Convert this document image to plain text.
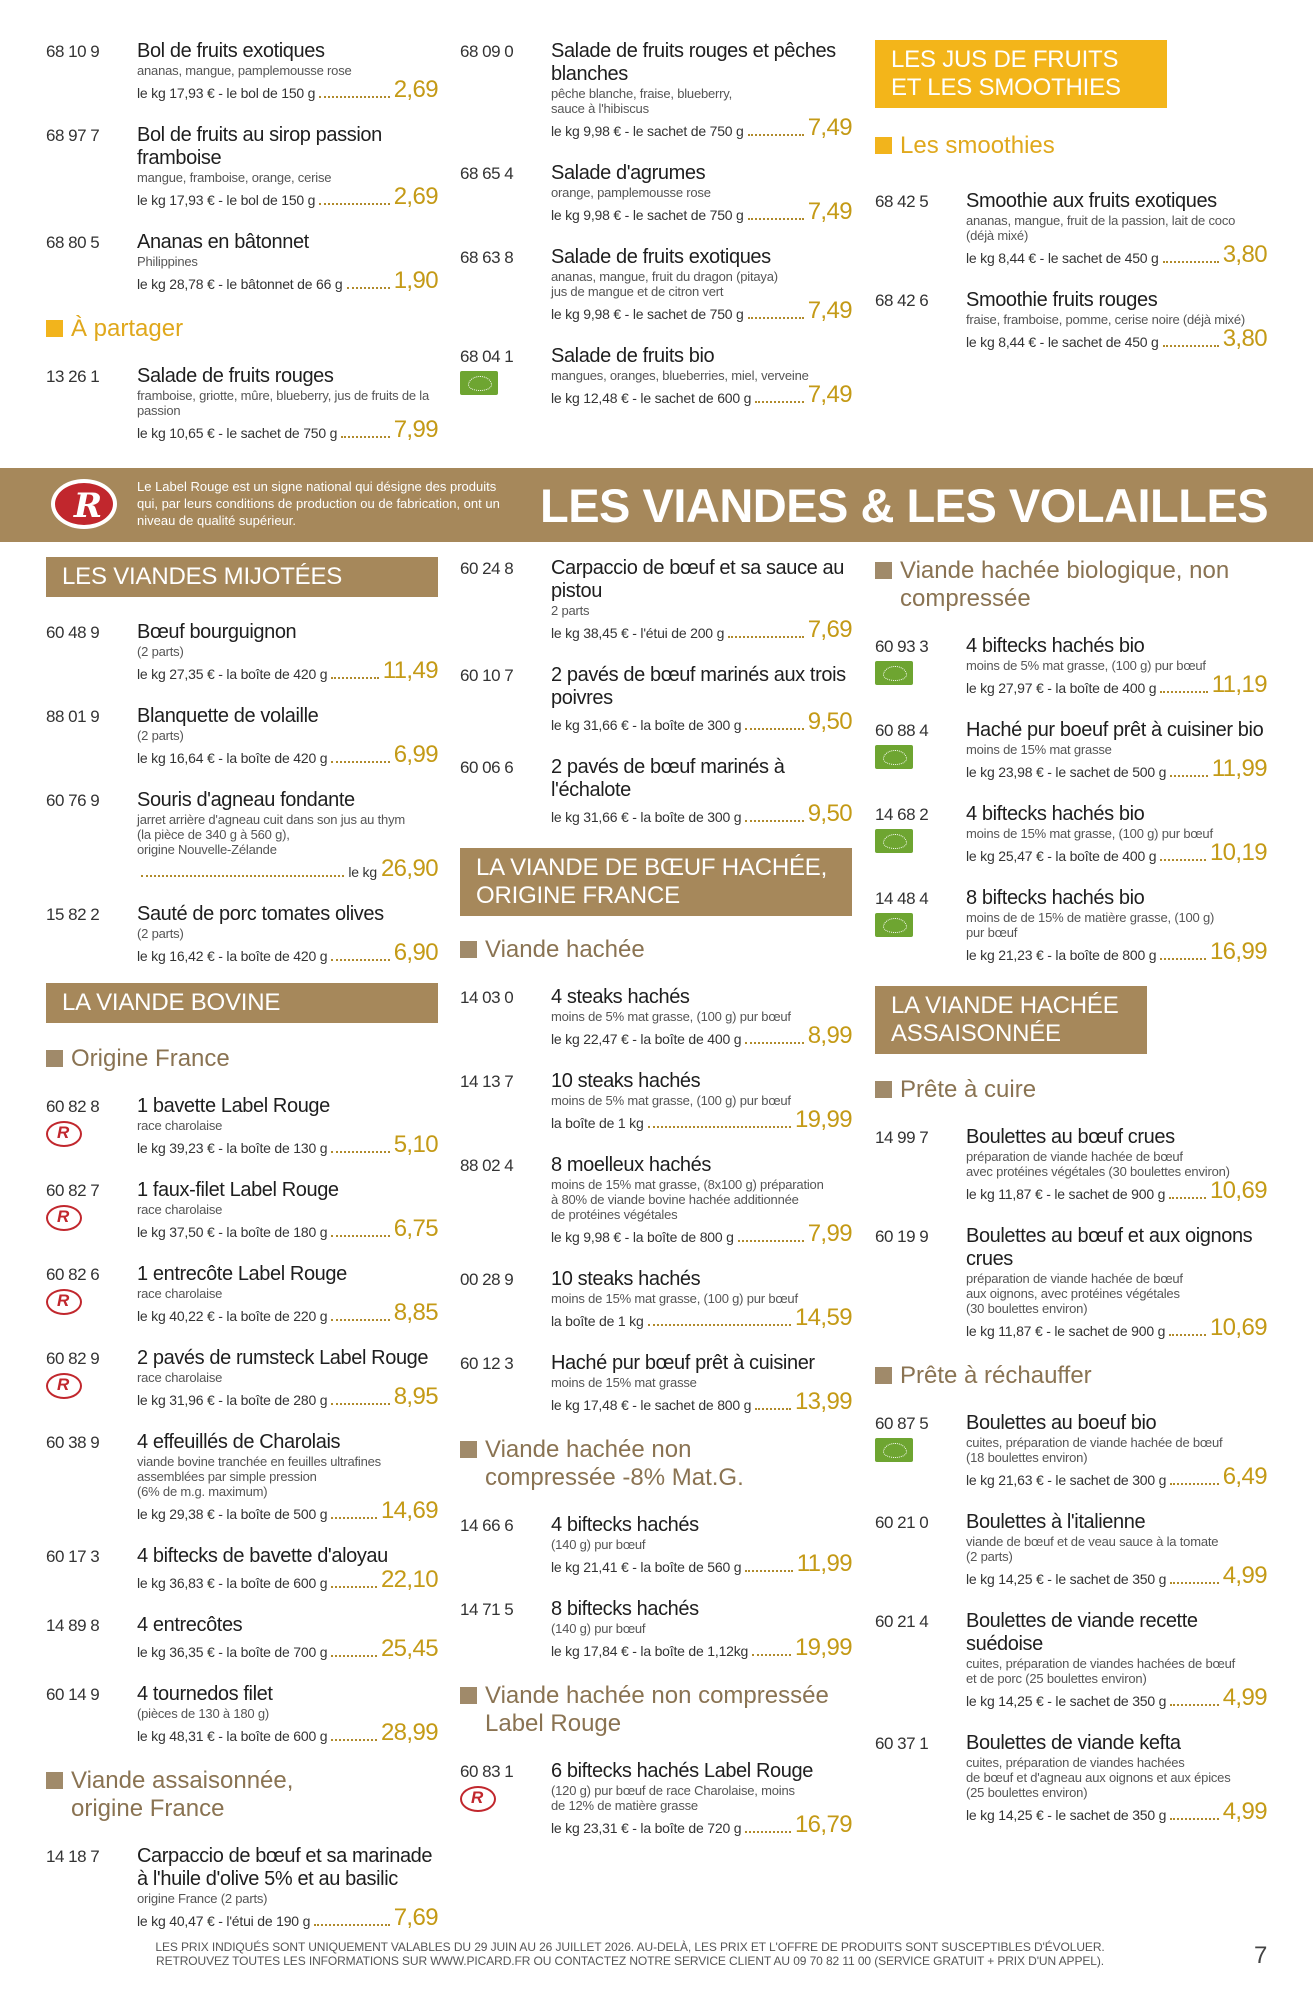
68 10 9 Bol de fruits exotiques
ananas, mangue, pamplemousse rose
le kg 17,93 € - le bol de 150 g	2,69
68 97 7 Bol de fruits au sirop passion framboise
mangue, framboise, orange, cerise
le kg 17,93 € - le bol de 150 g	2,69
68 80 5 Ananas en bâtonnet
Philippines
le kg 28,78 € - le bâtonnet de 66 g 1,90
À partager
13 26 1 Salade de fruits rouges
framboise, griotte, mûre, blueberry, jus de fruits de la passion
le kg 10,65 € - le sachet de 750 g 7,99
68 09 0 Salade de fruits rouges et pêches blanches
pêche blanche, fraise, blueberry,
sauce à l'hibiscus
le kg 9,98 € - le sachet de 750 g	7,49
68 65 4 Salade d'agrumes
orange, pamplemousse rose
le kg 9,98 € - le sachet de 750 g	7,49
68 63 8 Salade de fruits exotiques
ananas, mangue, fruit du dragon (pitaya)
jus de mangue et de citron vert
le kg 9,98 € - le sachet de 750 g	7,49
68 04 1 Salade de fruits bio
mangues, oranges, blueberries, miel, verveine
le kg 12,48 € - le sachet de 600 g 7,49
LES JUS DE FRUITS ET LES SMOOTHIES
Les smoothies
68 42 5 Smoothie aux fruits exotiques
ananas, mangue, fruit de la passion, lait de coco
(déjà mixé)
le kg 8,44 € - le sachet de 450 g	3,80
68 42 6 Smoothie fruits rouges
fraise, framboise, pomme, cerise noire (déjà mixé)
le kg 8,44 € - le sachet de 450 g	3,80
R	Le Label Rouge est un signe national qui désigne des produits qui, par leurs conditions de production ou de fabrication, ont un niveau de qualité supérieur.	LES VIANDES & LES VOLAILLES
LES VIANDES MIJOTÉES
60 48 9 Bœuf bourguignon
(2 parts)
le kg 27,35 € - la boîte de 420 g 11,49
88 01 9 Blanquette de volaille
(2 parts)
le kg 16,64 € - la boîte de 420 g	6,99
60 76 9 Souris d'agneau fondante
jarret arrière d'agneau cuit dans son jus au thym
(la pièce de 340 g à 560 g),
origine Nouvelle-Zélande
le kg 26,90
15 82 2 Sauté de porc tomates olives
(2 parts)
le kg 16,42 € - la boîte de 420 g	6,90
LA VIANDE BOVINE
Origine France
60 82 8
R 1 bavette Label Rouge
race charolaise
le kg 39,23 € - la boîte de 130 g	5,10
60 82 7
R 1 faux-filet Label Rouge
race charolaise
le kg 37,50 € - la boîte de 180 g	6,75
60 82 6
R 1 entrecôte Label Rouge
race charolaise
le kg 40,22 € - la boîte de 220 g	8,85
60 82 9
R 2 pavés de rumsteck Label Rouge
race charolaise
le kg 31,96 € - la boîte de 280 g	8,95
60 38 9 4 effeuillés de Charolais
viande bovine tranchée en feuilles ultrafines
assemblées par simple pression
(6% de m.g. maximum)
le kg 29,38 € - la boîte de 500 g 14,69
60 17 3 4 biftecks de bavette d'aloyau
le kg 36,83 € - la boîte de 600 g 22,10
14 89 8 4 entrecôtes
le kg 36,35 € - la boîte de 700 g 25,45
60 14 9 4 tournedos filet
(pièces de 130 à 180 g)
le kg 48,31 € - la boîte de 600 g 28,99
Viande assaisonnée, origine France
14 18 7 Carpaccio de bœuf et sa marinade à l'huile d'olive 5% et au basilic
origine France (2 parts)
le kg 40,47 € - l'étui de 190 g	7,69
60 24 8 Carpaccio de bœuf et sa sauce au pistou
2 parts
le kg 38,45 € - l'étui de 200 g	7,69
60 10 7 2 pavés de bœuf marinés aux trois poivres
le kg 31,66 € - la boîte de 300 g	9,50
60 06 6 2 pavés de bœuf marinés à l'échalote
le kg 31,66 € - la boîte de 300 g	9,50
LA VIANDE DE BŒUF HACHÉE, ORIGINE FRANCE
Viande hachée
14 03 0 4 steaks hachés
moins de 5% mat grasse, (100 g) pur bœuf
le kg 22,47 € - la boîte de 400 g	8,99
14 13 7 10 steaks hachés
moins de 5% mat grasse, (100 g) pur bœuf
la boîte de 1 kg	19,99
88 02 4 8 moelleux hachés
moins de 15% mat grasse, (8x100 g) préparation
à 80% de viande bovine hachée additionnée
de protéines végétales
le kg 9,98 € - la boîte de 800 g	7,99
00 28 9 10 steaks hachés
moins de 15% mat grasse, (100 g) pur bœuf
la boîte de 1 kg	14,59
60 12 3 Haché pur bœuf prêt à cuisiner
moins de 15% mat grasse
le kg 17,48 € - le sachet de 800 g 13,99
Viande hachée non compressée -8% Mat.G.
14 66 6 4 biftecks hachés
(140 g) pur bœuf
le kg 21,41 € - la boîte de 560 g 11,99
14 71 5 8 biftecks hachés
(140 g) pur bœuf
le kg 17,84 € - la boîte de 1,12kg 19,99
Viande hachée non compressée Label Rouge
60 83 1
R 6 biftecks hachés Label Rouge
(120 g) pur bœuf de race Charolaise, moins
de 12% de matière grasse
le kg 23,31 € - la boîte de 720 g 16,79
Viande hachée biologique, non compressée
60 93 3 4 biftecks hachés bio
moins de 5% mat grasse, (100 g) pur bœuf
le kg 27,97 € - la boîte de 400 g 11,19
60 88 4 Haché pur boeuf prêt à cuisiner bio
moins de 15% mat grasse
le kg 23,98 € - le sachet de 500 g 11,99
14 68 2 4 biftecks hachés bio
moins de 15% mat grasse, (100 g) pur bœuf
le kg 25,47 € - la boîte de 400 g 10,19
14 48 4 8 biftecks hachés bio
moins de de 15% de matière grasse, (100 g)
pur bœuf
le kg 21,23 € - la boîte de 800 g 16,99
LA VIANDE HACHÉE ASSAISONNÉE
Prête à cuire
14 99 7 Boulettes au bœuf crues
préparation de viande hachée de bœuf
avec protéines végétales (30 boulettes environ)
le kg 11,87 € - le sachet de 900 g 10,69
60 19 9 Boulettes au bœuf et aux oignons crues
préparation de viande hachée de bœuf
aux oignons, avec protéines végétales
(30 boulettes environ)
le kg 11,87 € - le sachet de 900 g 10,69
Prête à réchauffer
60 87 5 Boulettes au boeuf bio
cuites, préparation de viande hachée de bœuf
(18 boulettes environ)
le kg 21,63 € - le sachet de 300 g 6,49
60 21 0 Boulettes à l'italienne
viande de bœuf et de veau sauce à la tomate
(2 parts)
le kg 14,25 € - le sachet de 350 g 4,99
60 21 4 Boulettes de viande recette suédoise
cuites, préparation de viandes hachées de bœuf
et de porc (25 boulettes environ)
le kg 14,25 € - le sachet de 350 g 4,99
60 37 1 Boulettes de viande kefta
cuites, préparation de viandes hachées
de bœuf et d'agneau aux oignons et aux épices
(25 boulettes environ)
le kg 14,25 € - le sachet de 350 g 4,99
LES PRIX INDIQUÉS SONT UNIQUEMENT VALABLES DU 29 JUIN AU 26 JUILLET 2026. AU-DELÀ, LES PRIX ET L'OFFRE DE PRODUITS SONT SUSCEPTIBLES D'ÉVOLUER.
RETROUVEZ TOUTES LES INFORMATIONS SUR WWW.PICARD.FR OU CONTACTEZ NOTRE SERVICE CLIENT AU 09 70 82 11 00 (SERVICE GRATUIT + PRIX D'UN APPEL).	7
